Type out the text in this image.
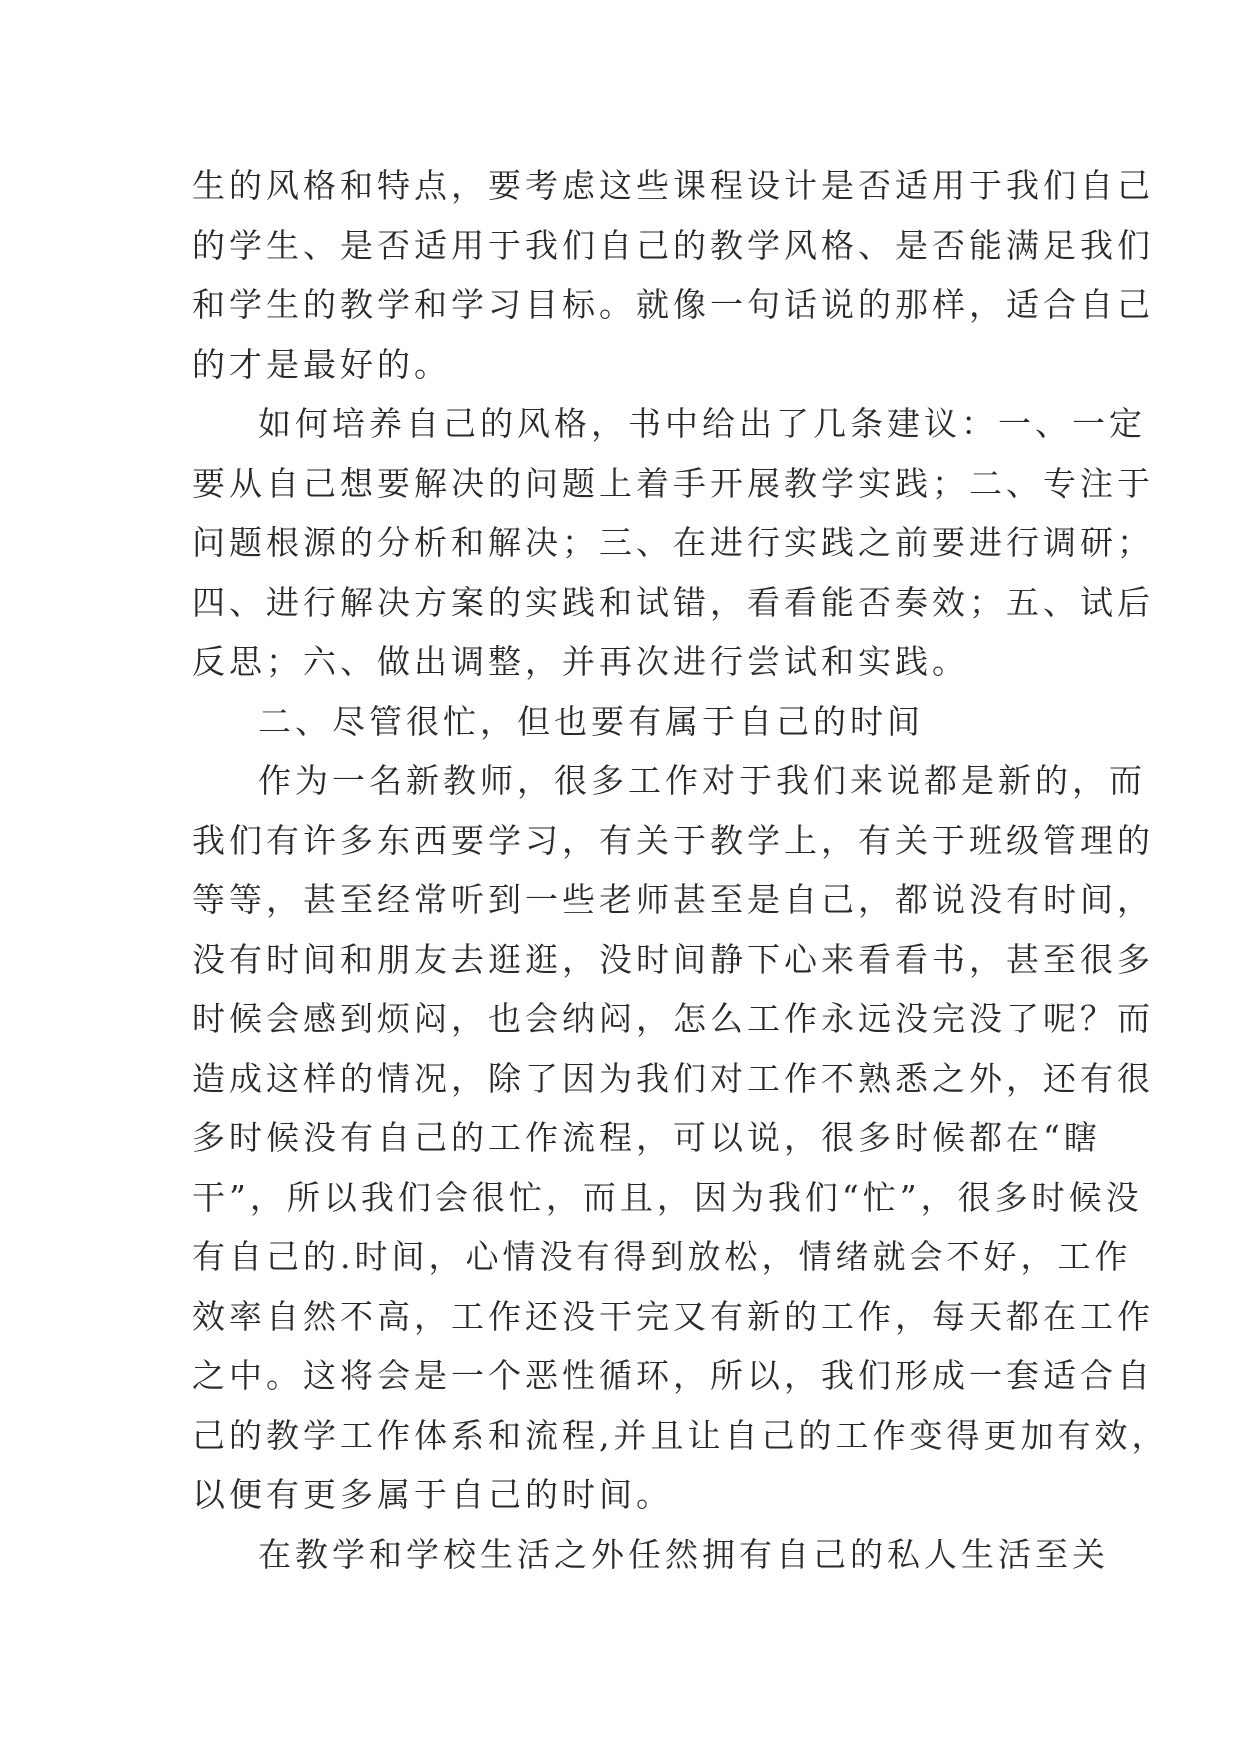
生的风格和特点，要考虑这些课程设计是否适用于我们自己
的学生、是否适用于我们自己的教学风格、是否能满足我们
和学生的教学和学习目标。就像一句话说的那样，适合自己
的才是最好的。
如何培养自己的风格，书中给出了几条建议：一、一定
要从自己想要解决的问题上着手开展教学实践；二、专注于
问题根源的分析和解决；三、在进行实践之前要进行调研；
四、进行解决方案的实践和试错，看看能否奏效；五、试后
反思；六、做出调整，并再次进行尝试和实践。
二、尽管很忙，但也要有属于自己的时间
作为一名新教师，很多工作对于我们来说都是新的，而
我们有许多东西要学习，有关于教学上，有关于班级管理的
等等，甚至经常听到一些老师甚至是自己，都说没有时间，
没有时间和朋友去逛逛，没时间静下心来看看书，甚至很多
时候会感到烦闷，也会纳闷，怎么工作永远没完没了呢？而
造成这样的情况，除了因为我们对工作不熟悉之外，还有很
多时候没有自己的工作流程，可以说，很多时候都在“瞎
干”，所以我们会很忙，而且，因为我们“忙”，很多时候没
有自己的.时间，心情没有得到放松，情绪就会不好，工作
效率自然不高，工作还没干完又有新的工作，每天都在工作
之中。这将会是一个恶性循环，所以，我们形成一套适合自
己的教学工作体系和流程,并且让自己的工作变得更加有效，
以便有更多属于自己的时间。
在教学和学校生活之外任然拥有自己的私人生活至关
